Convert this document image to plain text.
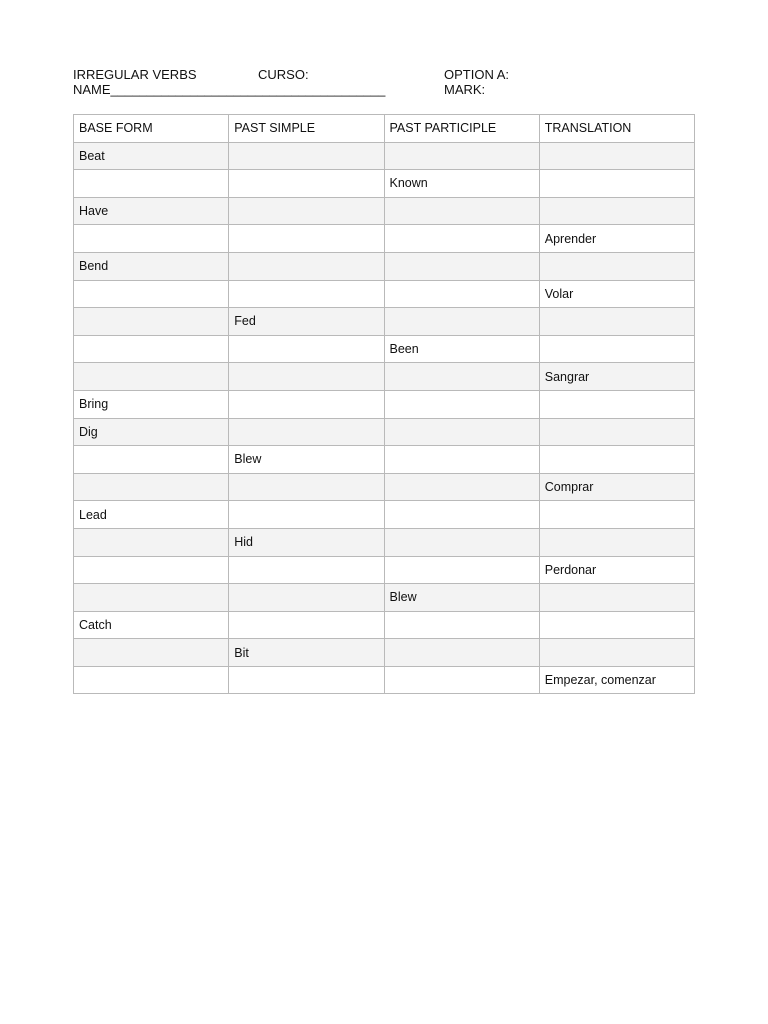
IRREGULAR VERBS	CURSO:	OPTION A:
NAME______________________________________	MARK:
BASE FORM	PAST SIMPLE	PAST PARTICIPLE	TRANSLATION
Beat			
		Known	
Have			
			Aprender
Bend			
			Volar
	Fed		
		Been	
			Sangrar
Bring			
Dig			
	Blew		
			Comprar
Lead			
	Hid		
			Perdonar
		Blew	
Catch			
	Bit		
			Empezar, comenzar
